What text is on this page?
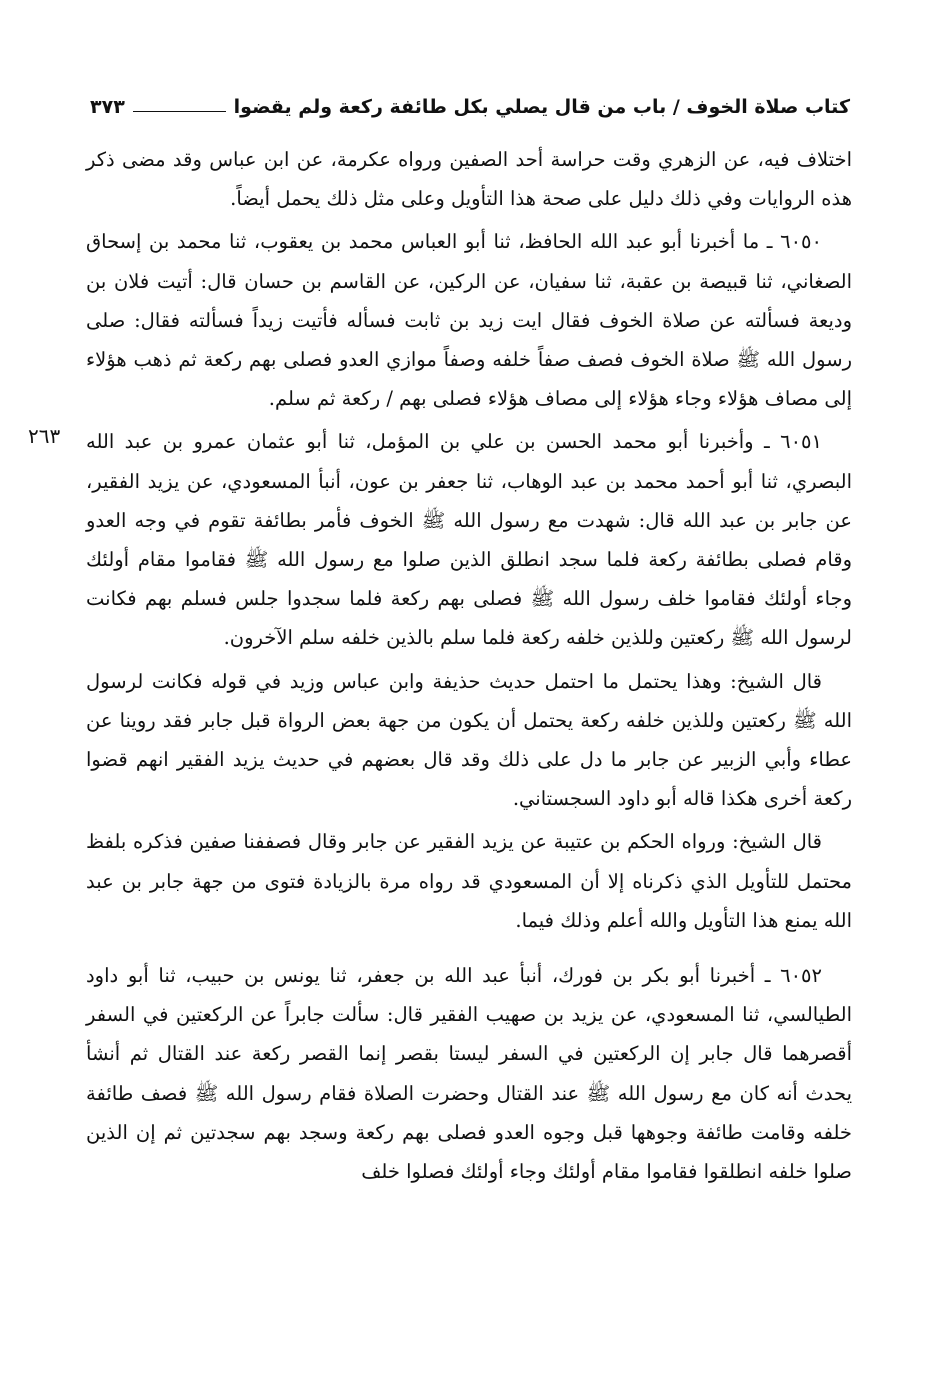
كتاب صلاة الخوف / باب من قال يصلي بكل طائفة ركعة ولم يقضوا
٣٧٣
٢٦٣

اختلاف فيه، عن الزهري وقت حراسة أحد الصفين ورواه عكرمة، عن ابن عباس وقد مضى ذكر هذه الروايات وفي ذلك دليل على صحة هذا التأويل وعلى مثل ذلك يحمل أيضاً.

٦٠٥٠ ـ ما أخبرنا أبو عبد الله الحافظ، ثنا أبو العباس محمد بن يعقوب، ثنا محمد بن إسحاق الصغاني، ثنا قبيصة بن عقبة، ثنا سفيان، عن الركين، عن القاسم بن حسان قال: أتيت فلان بن وديعة فسألته عن صلاة الخوف فقال ايت زيد بن ثابت فسأله فأتيت زيداً فسألته فقال: صلى رسول الله ﷺ صلاة الخوف فصف صفاً خلفه وصفاً موازي العدو فصلى بهم ركعة ثم ذهب هؤلاء إلى مصاف هؤلاء وجاء هؤلاء إلى مصاف هؤلاء فصلى بهم / ركعة ثم سلم.

٦٠٥١ ـ وأخبرنا أبو محمد الحسن بن علي بن المؤمل، ثنا أبو عثمان عمرو بن عبد الله البصري، ثنا أبو أحمد محمد بن عبد الوهاب، ثنا جعفر بن عون، أنبأ المسعودي، عن يزيد الفقير، عن جابر بن عبد الله قال: شهدت مع رسول الله ﷺ الخوف فأمر بطائفة تقوم في وجه العدو وقام فصلى بطائفة ركعة فلما سجد انطلق الذين صلوا مع رسول الله ﷺ فقاموا مقام أولئك وجاء أولئك فقاموا خلف رسول الله ﷺ فصلى بهم ركعة فلما سجدوا جلس فسلم بهم فكانت لرسول الله ﷺ ركعتين وللذين خلفه ركعة فلما سلم بالذين خلفه سلم الآخرون.

قال الشيخ: وهذا يحتمل ما احتمل حديث حذيفة وابن عباس وزيد في قوله فكانت لرسول الله ﷺ ركعتين وللذين خلفه ركعة يحتمل أن يكون من جهة بعض الرواة قبل جابر فقد روينا عن عطاء وأبي الزبير عن جابر ما دل على ذلك وقد قال بعضهم في حديث يزيد الفقير انهم قضوا ركعة أخرى هكذا قاله أبو داود السجستاني.

قال الشيخ: ورواه الحكم بن عتيبة عن يزيد الفقير عن جابر وقال فصففنا صفين فذكره بلفظ محتمل للتأويل الذي ذكرناه إلا أن المسعودي قد رواه مرة بالزيادة فتوى من جهة جابر بن عبد الله يمنع هذا التأويل والله أعلم وذلك فيما.

٦٠٥٢ ـ أخبرنا أبو بكر بن فورك، أنبأ عبد الله بن جعفر، ثنا يونس بن حبيب، ثنا أبو داود الطيالسي، ثنا المسعودي، عن يزيد بن صهيب الفقير قال: سألت جابراً عن الركعتين في السفر أقصرهما قال جابر إن الركعتين في السفر ليستا بقصر إنما القصر ركعة عند القتال ثم أنشأ يحدث أنه كان مع رسول الله ﷺ عند القتال وحضرت الصلاة فقام رسول الله ﷺ فصف طائفة خلفه وقامت طائفة وجوهها قبل وجوه العدو فصلى بهم ركعة وسجد بهم سجدتين ثم إن الذين صلوا خلفه انطلقوا فقاموا مقام أولئك وجاء أولئك فصلوا خلف
